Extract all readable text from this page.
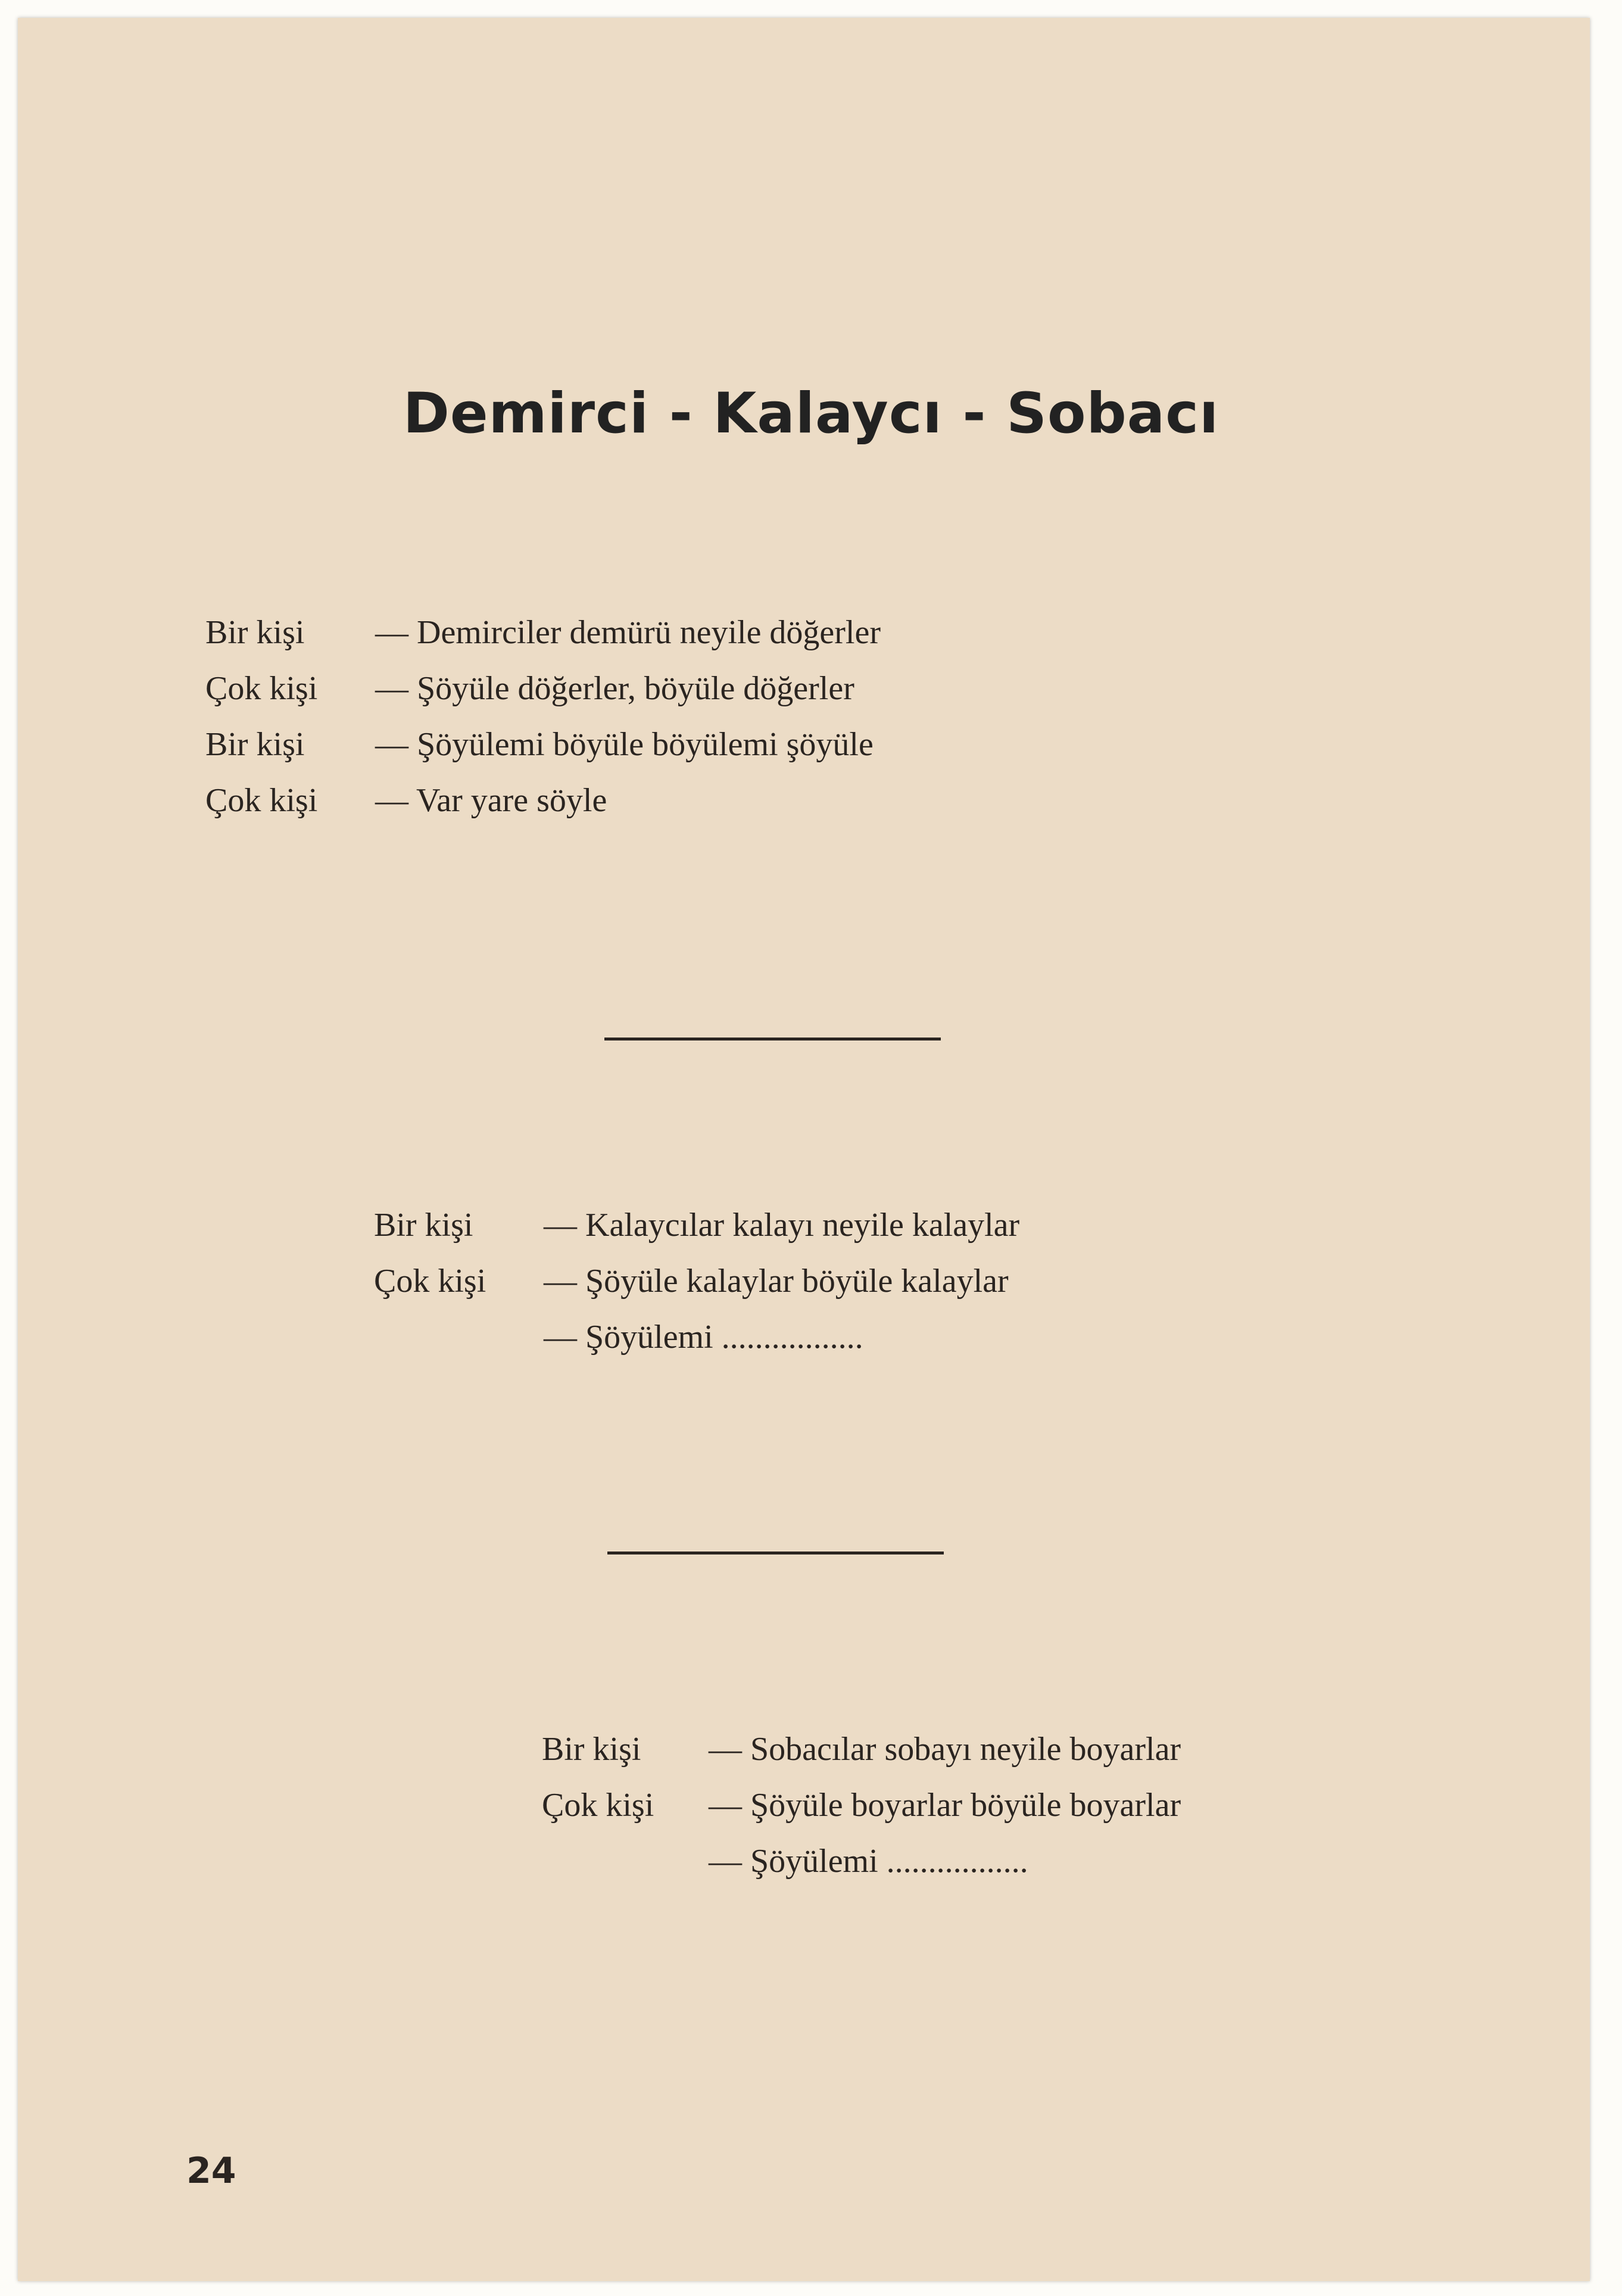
Demirci - Kalaycı - Sobacı
Bir kişi — Demirciler demürü neyile döğerler
Çok kişi — Şöyüle döğerler, böyüle döğerler
Bir kişi — Şöyülemi böyüle böyülemi şöyüle
Çok kişi — Var yare söyle
Bir kişi — Kalaycılar kalayı neyile kalaylar
Çok kişi — Şöyüle kalaylar böyüle kalaylar
— Şöyülemi .................
Bir kişi — Sobacılar sobayı neyile boyarlar
Çok kişi — Şöyüle boyarlar böyüle boyarlar
— Şöyülemi .................
24
